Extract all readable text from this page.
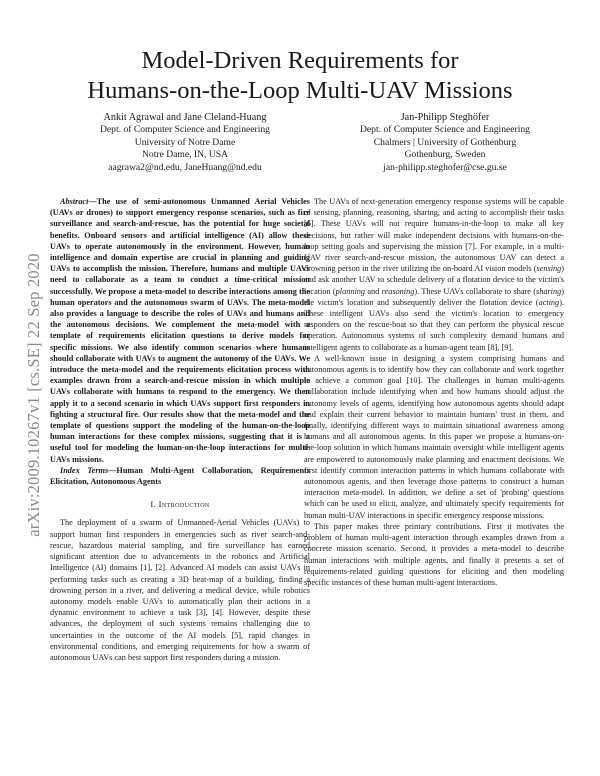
Model-Driven Requirements for
Humans-on-the-Loop Multi-UAV Missions
Ankit Agrawal and Jane Cleland-Huang
Dept. of Computer Science and Engineering
University of Notre Dame
Notre Dame, IN, USA
aagrawa2@nd.edu, JaneHuang@nd.edu
Jan-Philipp Steghöfer
Dept. of Computer Science and Engineering
Chalmers | University of Gothenburg
Gothenburg, Sweden
jan-philipp.steghofer@cse.gu.se
arXiv:2009.10267v1 [cs.SE] 22 Sep 2020

Abstract—The use of semi-autonomous Unmanned Aerial Vehicles (UAVs or drones) to support emergency response scenarios, such as fire surveillance and search-and-rescue, has the potential for huge societal benefits. Onboard sensors and artificial intelligence (AI) allow these UAVs to operate autonomously in the environment. However, human intelligence and domain expertise are crucial in planning and guiding UAVs to accomplish the mission. Therefore, humans and multiple UAVs need to collaborate as a team to conduct a time-critical mission successfully. We propose a meta-model to describe interactions among the human operators and the autonomous swarm of UAVs. The meta-model also provides a language to describe the roles of UAVs and humans and the autonomous decisions. We complement the meta-model with a template of requirements elicitation questions to derive models for specific missions. We also identify common scenarios where humans should collaborate with UAVs to augment the autonomy of the UAVs. We introduce the meta-model and the requirements elicitation process with examples drawn from a search-and-rescue mission in which multiple UAVs collaborate with humans to respond to the emergency. We then apply it to a second scenario in which UAVs support first responders in fighting a structural fire. Our results show that the meta-model and the template of questions support the modeling of the human-on-the-loop human interactions for these complex missions, suggesting that it is a useful tool for modeling the human-on-the-loop interactions for multi-UAVs missions.

Index Terms—Human Multi-Agent Collaboration, Requirements Elicitation, Autonomous Agents

I. Introduction

The deployment of a swarm of Unmanned-Aerial Vehicles (UAVs) to support human first responders in emergencies such as river search-and-rescue, hazardous material sampling, and fire surveillance has earned significant attention due to advancements in the robotics and Artificial Intelligence (AI) domains [1], [2]. Advanced AI models can assist UAVs in performing tasks such as creating a 3D heat-map of a building, finding a drowning person in a river, and delivering a medical device, while robotics autonomy models enable UAVs to automatically plan their actions in a dynamic environment to achieve a task [3], [4]. However, despite these advances, the deployment of such systems remains challenging due to uncertainties in the outcome of the AI models [5], rapid changes in environmental conditions, and emerging requirements for how a swarm of autonomous UAVs can best support first responders during a mission.

The UAVs of next-generation emergency response systems will be capable of sensing, planning, reasoning, sharing, and acting to accomplish their tasks [6]. These UAVs will not require humans-in-the-loop to make all key decisions, but rather will make independent decisions with humans-on-the-loop setting goals and supervising the mission [7]. For example, in a multi-UAV river search-and-rescue mission, the autonomous UAV can detect a drowning person in the river utilizing the on-board AI vision models (sensing) and ask another UAV to schedule delivery of a flotation device to the victim's location (planning and reasoning). These UAVs collaborate to share (sharing) the victim's location and subsequently deliver the flotation device (acting). These intelligent UAVs also send the victim's location to emergency responders on the rescue-boat so that they can perform the physical rescue operation. Autonomous systems of such complexity demand humans and intelligent agents to collaborate as a human-agent team [8], [9].

A well-known issue in designing a system comprising humans and autonomous agents is to identify how they can collaborate and work together to achieve a common goal [10]. The challenges in human multi-agents collaboration include identifying when and how humans should adjust the autonomy levels of agents, identifying how autonomous agents should adapt and explain their current behavior to maintain humans' trust in them, and finally, identifying different ways to maintain situational awareness among humans and all autonomous agents. In this paper we propose a humans-on-the-loop solution in which humans maintain oversight while intelligent agents are empowered to autonomously make planning and enactment decisions. We first identify common interaction patterns in which humans collaborate with autonomous agents, and then leverage those patterns to construct a human interaction meta-model. In addition, we define a set of 'probing' questions which can be used to elicit, analyze, and ultimately specify requirements for human multi-UAV interactions in specific emergency response missions.

This paper makes three primary contributions. First it motivates the problem of human multi-agent interaction through examples drawn from a concrete mission scenario. Second, it provides a meta-model to describe human interactions with multiple agents, and finally it presents a set of requirements-related guiding questions for eliciting and then modeling specific instances of these human multi-agent interactions.
